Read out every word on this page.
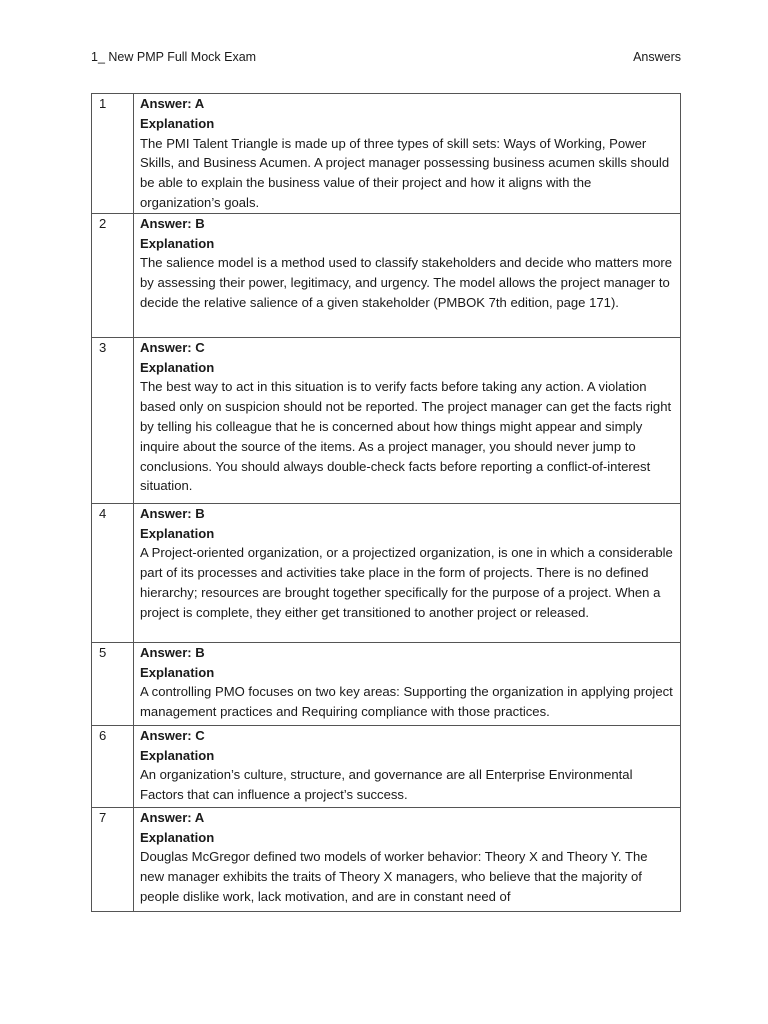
1_ New PMP Full Mock Exam	Answers
1	Answer: A
Explanation
The PMI Talent Triangle is made up of three types of skill sets: Ways of Working, Power Skills, and Business Acumen. A project manager possessing business acumen skills should be able to explain the business value of their project and how it aligns with the organization’s goals.

2	Answer: B
Explanation
The salience model is a method used to classify stakeholders and decide who matters more by assessing their power, legitimacy, and urgency. The model allows the project manager to decide the relative salience of a given stakeholder (PMBOK 7th edition, page 171).

3	Answer: C
Explanation
The best way to act in this situation is to verify facts before taking any action. A violation based only on suspicion should not be reported. The project manager can get the facts right by telling his colleague that he is concerned about how things might appear and simply inquire about the source of the items. As a project manager, you should never jump to conclusions. You should always double-check facts before reporting a conflict-of-interest situation.

4	Answer: B
Explanation
A Project-oriented organization, or a projectized organization, is one in which a considerable part of its processes and activities take place in the form of projects. There is no defined hierarchy; resources are brought together specifically for the purpose of a project. When a project is complete, they either get transitioned to another project or released.

5	Answer: B
Explanation
A controlling PMO focuses on two key areas: Supporting the organization in applying project management practices and Requiring compliance with those practices.

6	Answer: C
Explanation
An organization’s culture, structure, and governance are all Enterprise Environmental Factors that can influence a project’s success.

7	Answer: A
Explanation
Douglas McGregor defined two models of worker behavior: Theory X and Theory Y. The new manager exhibits the traits of Theory X managers, who believe that the majority of people dislike work, lack motivation, and are in constant need of
